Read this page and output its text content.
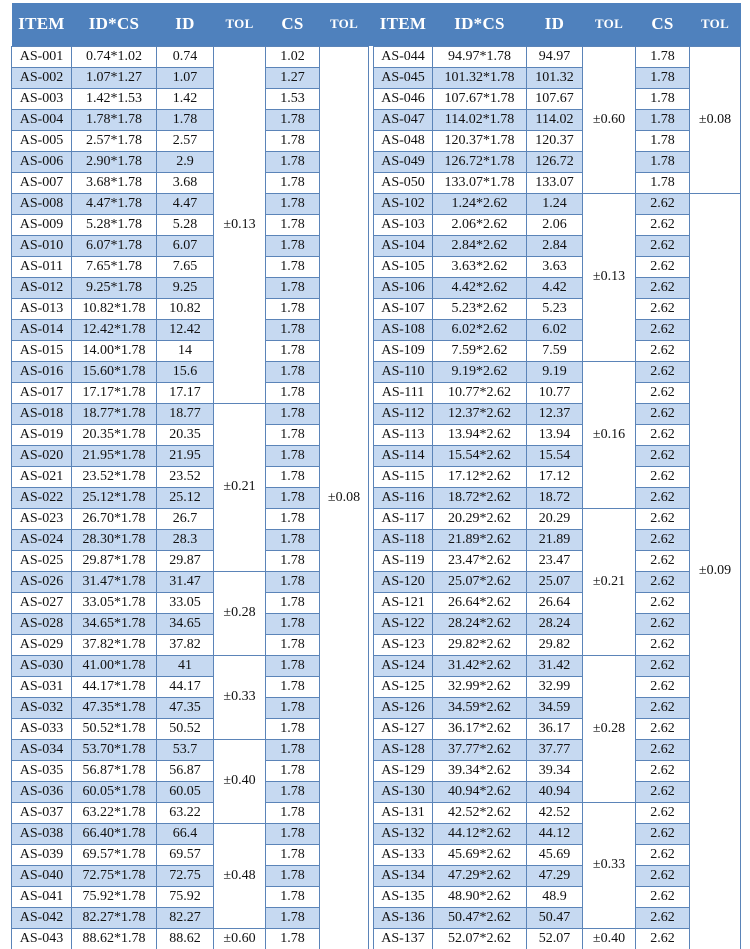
ITEM	ID*CS	ID	TOL	CS	TOL
AS-001	0.74*1.02	0.74	±0.13	1.02	±0.08
AS-002	1.07*1.27	1.07		1.27	
AS-003	1.42*1.53	1.42		1.53	
AS-004	1.78*1.78	1.78		1.78	
AS-005	2.57*1.78	2.57		1.78	
AS-006	2.90*1.78	2.9		1.78	
AS-007	3.68*1.78	3.68		1.78	
AS-008	4.47*1.78	4.47		1.78	
AS-009	5.28*1.78	5.28		1.78	
AS-010	6.07*1.78	6.07		1.78	
AS-011	7.65*1.78	7.65		1.78	
AS-012	9.25*1.78	9.25		1.78	
AS-013	10.82*1.78	10.82		1.78	
AS-014	12.42*1.78	12.42		1.78	
AS-015	14.00*1.78	14		1.78	
AS-016	15.60*1.78	15.6		1.78	
AS-017	17.17*1.78	17.17		1.78	
AS-018	18.77*1.78	18.77	±0.21	1.78	
AS-019	20.35*1.78	20.35		1.78	
AS-020	21.95*1.78	21.95		1.78	
AS-021	23.52*1.78	23.52		1.78	
AS-022	25.12*1.78	25.12		1.78	
AS-023	26.70*1.78	26.7		1.78	
AS-024	28.30*1.78	28.3		1.78	
AS-025	29.87*1.78	29.87		1.78	
AS-026	31.47*1.78	31.47	±0.28	1.78	
AS-027	33.05*1.78	33.05		1.78	
AS-028	34.65*1.78	34.65		1.78	
AS-029	37.82*1.78	37.82		1.78	
AS-030	41.00*1.78	41	±0.33	1.78	
AS-031	44.17*1.78	44.17		1.78	
AS-032	47.35*1.78	47.35		1.78	
AS-033	50.52*1.78	50.52		1.78	
AS-034	53.70*1.78	53.7	±0.40	1.78	
AS-035	56.87*1.78	56.87		1.78	
AS-036	60.05*1.78	60.05		1.78	
AS-037	63.22*1.78	63.22		1.78	
AS-038	66.40*1.78	66.4	±0.48	1.78	
AS-039	69.57*1.78	69.57		1.78	
AS-040	72.75*1.78	72.75		1.78	
AS-041	75.92*1.78	75.92		1.78	
AS-042	82.27*1.78	82.27		1.78	
AS-043	88.62*1.78	88.62	±0.60	1.78	
ITEM	ID*CS	ID	TOL	CS	TOL
AS-044	94.97*1.78	94.97	±0.60	1.78	±0.08
AS-045	101.32*1.78	101.32		1.78	
AS-046	107.67*1.78	107.67		1.78	
AS-047	114.02*1.78	114.02		1.78	
AS-048	120.37*1.78	120.37		1.78	
AS-049	126.72*1.78	126.72		1.78	
AS-050	133.07*1.78	133.07		1.78	
AS-102	1.24*2.62	1.24	±0.13	2.62	±0.09
AS-103	2.06*2.62	2.06		2.62	
AS-104	2.84*2.62	2.84		2.62	
AS-105	3.63*2.62	3.63		2.62	
AS-106	4.42*2.62	4.42		2.62	
AS-107	5.23*2.62	5.23		2.62	
AS-108	6.02*2.62	6.02		2.62	
AS-109	7.59*2.62	7.59		2.62	
AS-110	9.19*2.62	9.19	±0.16	2.62	
AS-111	10.77*2.62	10.77		2.62	
AS-112	12.37*2.62	12.37		2.62	
AS-113	13.94*2.62	13.94		2.62	
AS-114	15.54*2.62	15.54		2.62	
AS-115	17.12*2.62	17.12		2.62	
AS-116	18.72*2.62	18.72		2.62	
AS-117	20.29*2.62	20.29	±0.21	2.62	
AS-118	21.89*2.62	21.89		2.62	
AS-119	23.47*2.62	23.47		2.62	
AS-120	25.07*2.62	25.07		2.62	
AS-121	26.64*2.62	26.64		2.62	
AS-122	28.24*2.62	28.24		2.62	
AS-123	29.82*2.62	29.82		2.62	
AS-124	31.42*2.62	31.42	±0.28	2.62	
AS-125	32.99*2.62	32.99		2.62	
AS-126	34.59*2.62	34.59		2.62	
AS-127	36.17*2.62	36.17		2.62	
AS-128	37.77*2.62	37.77		2.62	
AS-129	39.34*2.62	39.34		2.62	
AS-130	40.94*2.62	40.94		2.62	
AS-131	42.52*2.62	42.52	±0.33	2.62	
AS-132	44.12*2.62	44.12		2.62	
AS-133	45.69*2.62	45.69		2.62	
AS-134	47.29*2.62	47.29		2.62	
AS-135	48.90*2.62	48.9		2.62	
AS-136	50.47*2.62	50.47		2.62	
AS-137	52.07*2.62	52.07	±0.40	2.62	
